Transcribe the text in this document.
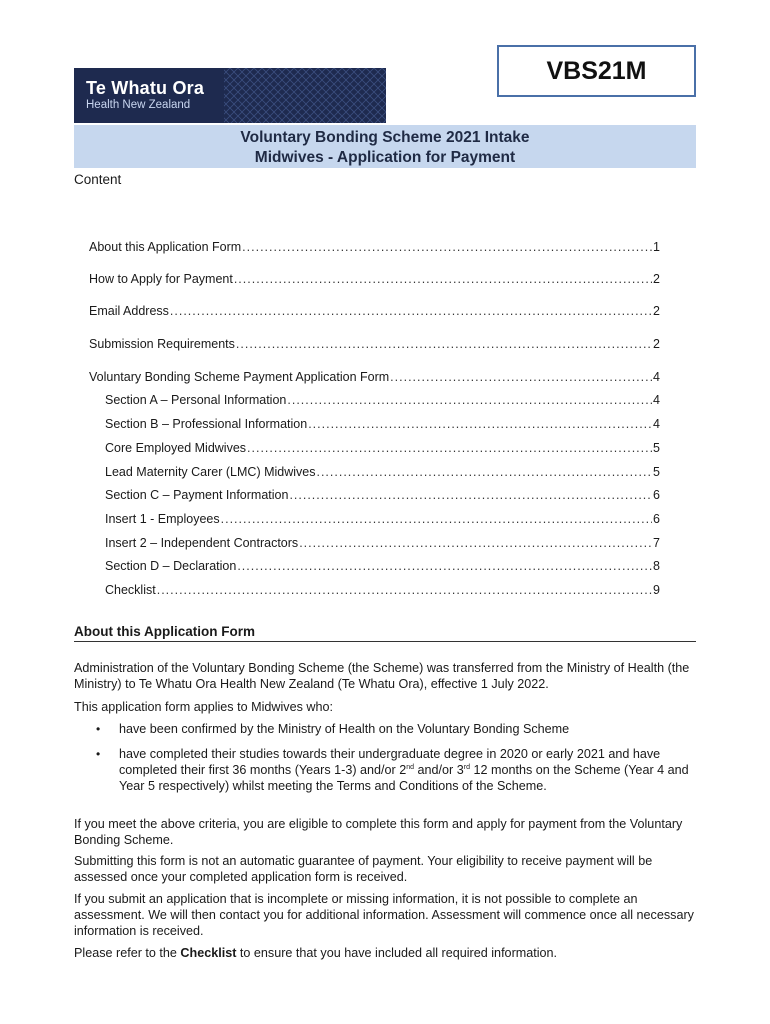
Te Whatu Ora
Health New Zealand
VBS21M
Voluntary Bonding Scheme 2021 Intake
Midwives - Application for Payment
Content
About this Application Form .....	1
How to Apply for Payment .....	2
Email Address .....	2
Submission Requirements .....	2
Voluntary Bonding Scheme Payment Application Form .....	4
Section A – Personal Information .....	4
Section B – Professional Information .....	4
Core Employed Midwives .....	5
Lead Maternity Carer (LMC) Midwives .....	5
Section C – Payment Information .....	6
Insert 1 - Employees .....	6
Insert 2 – Independent Contractors .....	7
Section D – Declaration .....	8
Checklist .....	9
About this Application Form
Administration of the Voluntary Bonding Scheme (the Scheme) was transferred from the Ministry of Health (the Ministry) to Te Whatu Ora Health New Zealand (Te Whatu Ora), effective 1 July 2022.
This application form applies to Midwives who:
•	have been confirmed by the Ministry of Health on the Voluntary Bonding Scheme
•	have completed their studies towards their undergraduate degree in 2020 or early 2021 and have completed their first 36 months (Years 1-3) and/or 2nd and/or 3rd 12 months on the Scheme (Year 4 and Year 5 respectively) whilst meeting the Terms and Conditions of the Scheme.
If you meet the above criteria, you are eligible to complete this form and apply for payment from the Voluntary Bonding Scheme.
Submitting this form is not an automatic guarantee of payment. Your eligibility to receive payment will be assessed once your completed application form is received.
If you submit an application that is incomplete or missing information, it is not possible to complete an assessment. We will then contact you for additional information. Assessment will commence once all necessary information is received.
Please refer to the Checklist to ensure that you have included all required information.
